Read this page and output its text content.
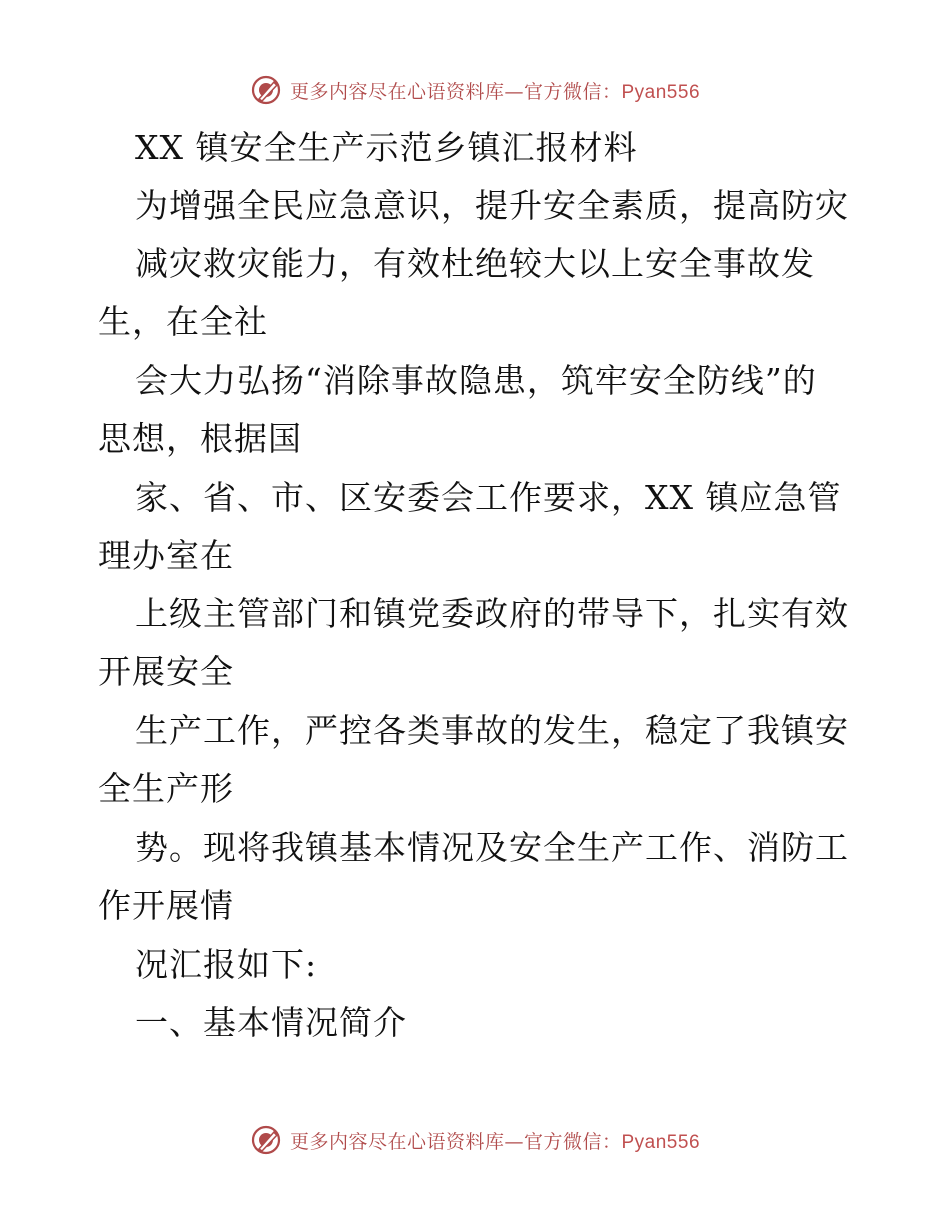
更多内容尽在心语资料库—官方微信：Pyan556
XX 镇安全生产示范乡镇汇报材料
为增强全民应急意识，提升安全素质，提高防灾
减灾救灾能力，有效杜绝较大以上安全事故发
生，在全社
会大力弘扬“消除事故隐患，筑牢安全防线”的
思想，根据国
家、省、市、区安委会工作要求，XX 镇应急管
理办室在
上级主管部门和镇党委政府的带导下，扎实有效
开展安全
生产工作，严控各类事故的发生，稳定了我镇安
全生产形
势。现将我镇基本情况及安全生产工作、消防工
作开展情
况汇报如下:
一、基本情况简介
更多内容尽在心语资料库—官方微信：Pyan556
